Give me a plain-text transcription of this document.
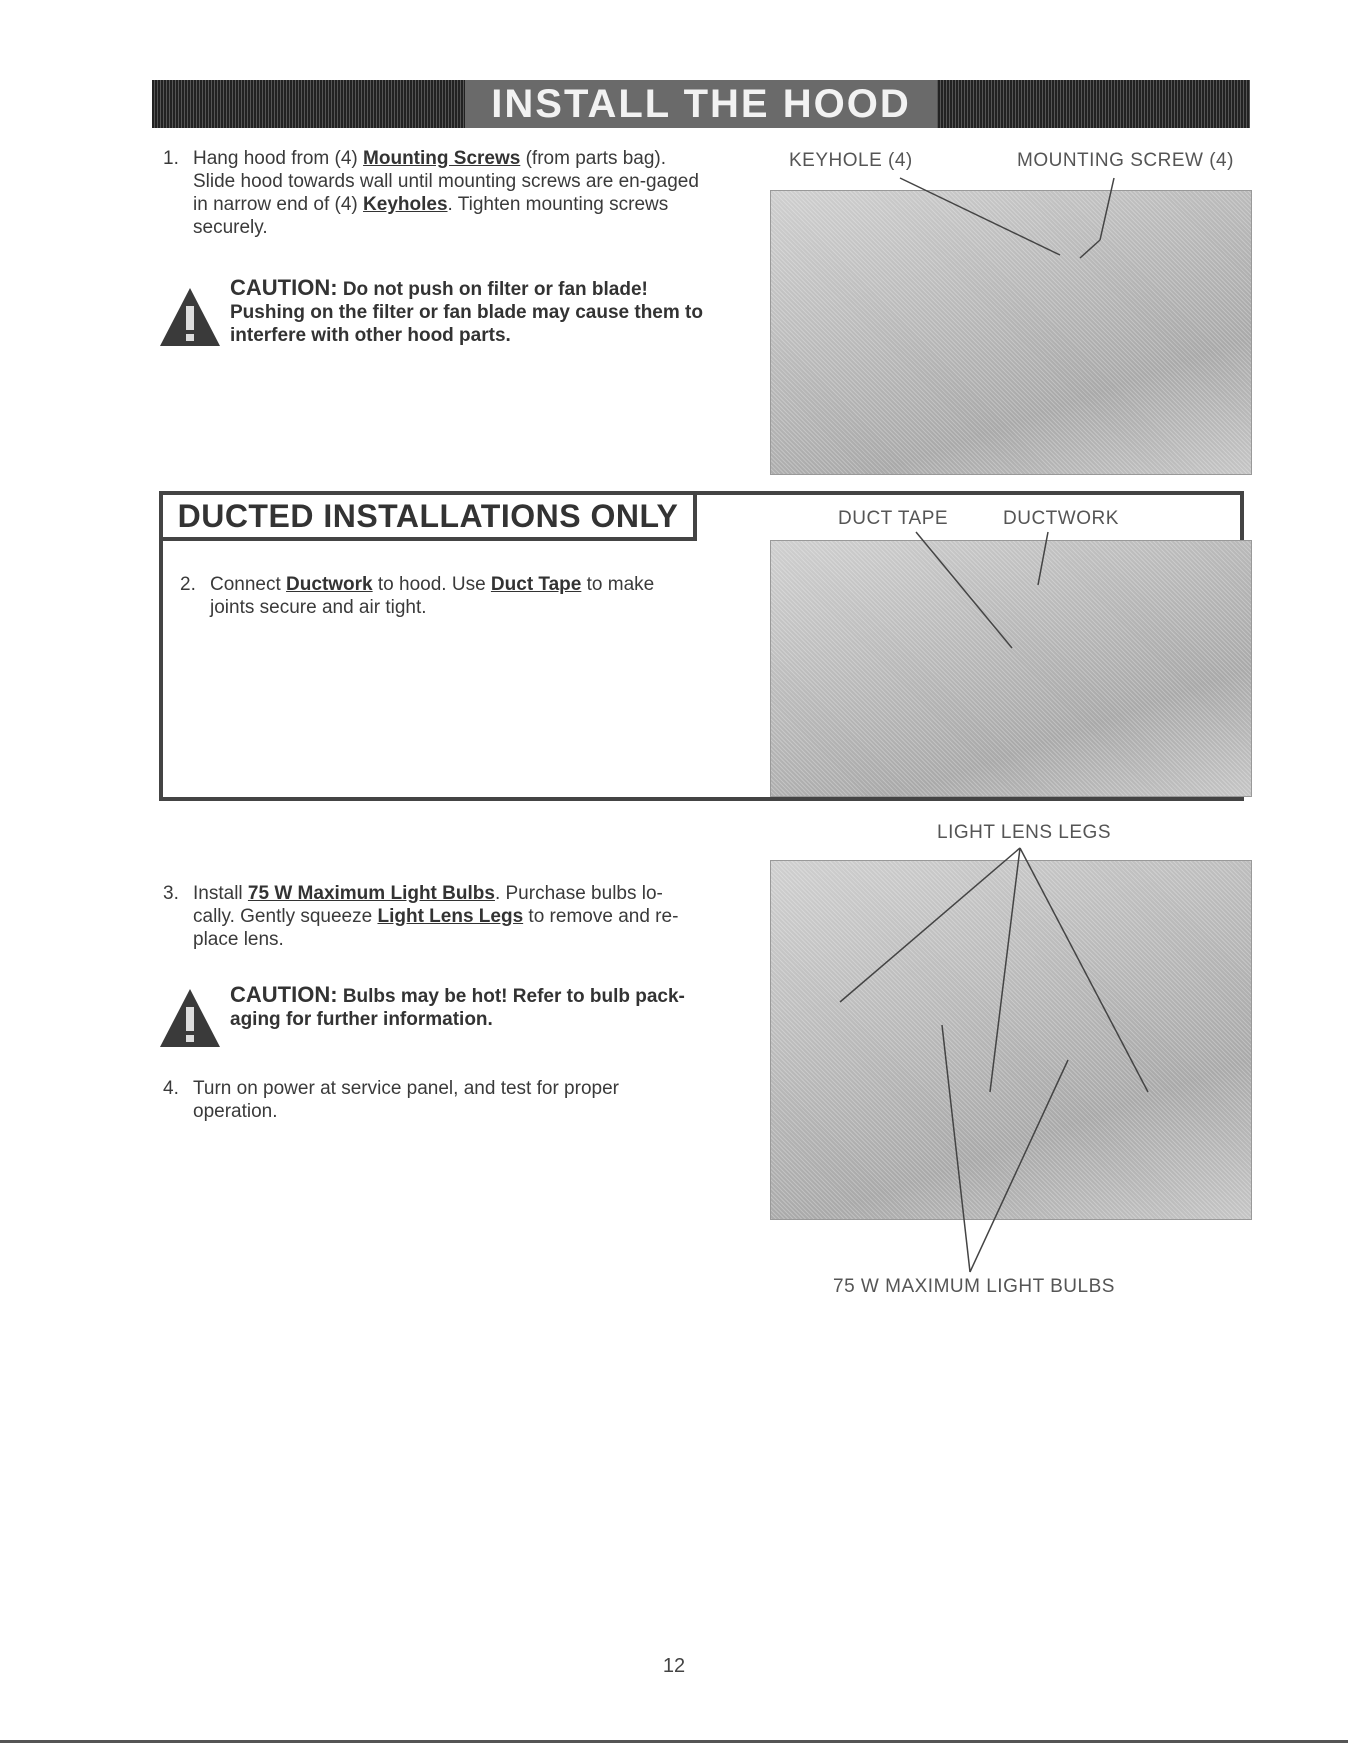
INSTALL THE HOOD
1. Hang hood from (4) Mounting Screws (from parts bag). Slide hood towards wall until mounting screws are en-gaged in narrow end of (4) Keyholes. Tighten mounting screws securely.
CAUTION: Do not push on filter or fan blade!
Pushing on the filter or fan blade may cause them to interfere with other hood parts.
KEYHOLE (4)	MOUNTING SCREW (4)
DUCTED INSTALLATIONS ONLY
2. Connect Ductwork to hood. Use Duct Tape to make joints secure and air tight.
DUCT TAPE	DUCTWORK
3. Install 75 W Maximum Light Bulbs. Purchase bulbs lo-cally. Gently squeeze Light Lens Legs to remove and re-place lens.
CAUTION: Bulbs may be hot! Refer to bulb pack-aging for further information.
4. Turn on power at service panel, and test for proper operation.
LIGHT LENS LEGS
75 W MAXIMUM LIGHT BULBS
12
